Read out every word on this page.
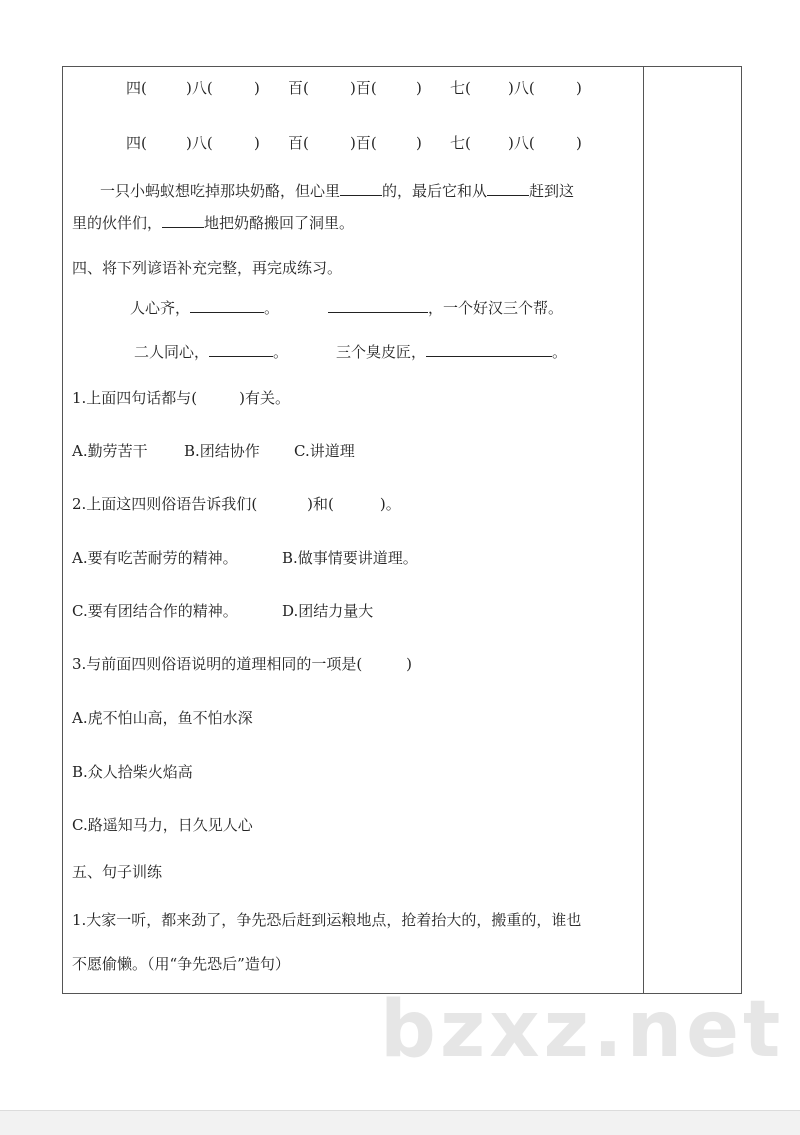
四(	)八(	) 百(	)百(	) 七( )八(	)
四(	)八(	) 百(	)百(	) 七( )八(	)
一只小蚂蚁想吃掉那块奶酪，但心里	的，最后它和从	赶到这
里的伙伴们，	地把奶酪搬回了洞里。
四、将下列谚语补充完整，再完成练习。
人心齐，	。	，一个好汉三个帮。
二人同心，	。	三个臭皮匠，	。
1.上面四句话都与(	)有关。
A.勤劳苦干 B.团结协作 C.讲道理
2.上面这四则俗语告诉我们(	)和(	)。
A.要有吃苦耐劳的精神。	B.做事情要讲道理。
C.要有团结合作的精神。	D.团结力量大
3.与前面四则俗语说明的道理相同的一项是(	)
A.虎不怕山高，鱼不怕水深
B.众人拾柴火焰高
C.路遥知马力，日久见人心
五、句子训练
1.大家一听，都来劲了，争先恐后赶到运粮地点，抢着抬大的，搬重的，谁也
不愿偷懒。（用“争先恐后”造句）
bzxz.net
